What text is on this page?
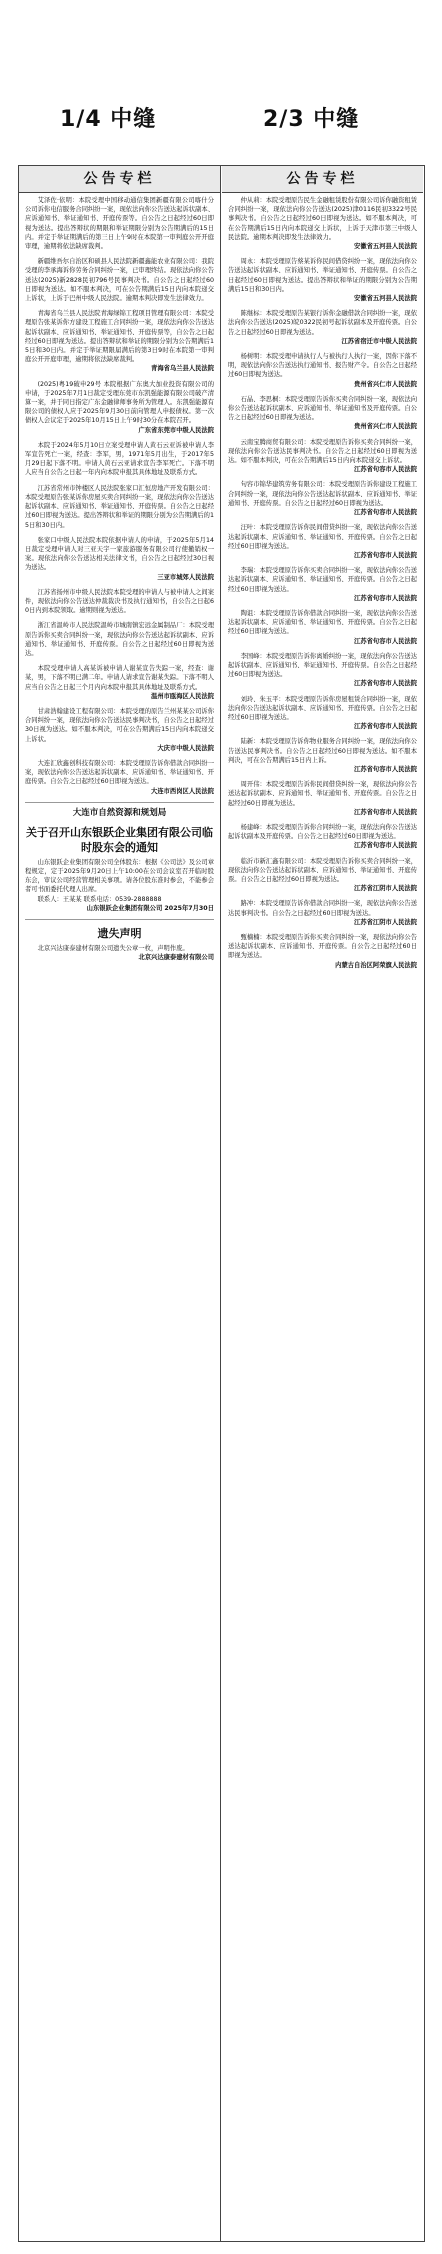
1/4 中缝	2/3 中缝
公告专栏

艾泽佐·依明：本院受理中国移动通信集团新疆有限公司喀什分公司诉你电信服务合同纠纷一案，现依法向你公告送达起诉状副本、应诉通知书、举证通知书、开庭传票等。自公告之日起经过60日即视为送达。提出答辩状的期限和举证期限分别为公告期满后的15日内。并定于举证期满后的第三日上午9时在本院第一审判庭公开开庭审理，逾期将依法缺席裁判。

新疆维吾尔自治区和硕县人民法院新疆鑫能农业有限公司：我院受理的李承海诉你劳务合同纠纷一案，已审理终结。现依法向你公告送达(2025)新2828民初796号民事判决书。自公告之日起经过60日即视为送达。如不服本判决，可在公告期满后15日内向本院递交上诉状，上诉于巴州中级人民法院。逾期本判决即发生法律效力。

青海省乌兰县人民法院青海绿锦工程项目管理有限公司：本院受理原告张某诉你方建设工程施工合同纠纷一案，现依法向你公告送达起诉状副本、应诉通知书、举证通知书、开庭传票等，自公告之日起经过60日即视为送达。提出答辩状和举证的期限分别为公告期满后15日和30日内。并定于举证期限届满后的第3日9时在本院第一审判庭公开开庭审理，逾期将依法缺席裁判。

青海省乌兰县人民法院

(2025)粤19破申29号 本院根据广东奥大加业投资有限公司的申请，于2025年7月1日裁定受理东莞市东凯强能源有限公司破产清算一案，并于同日指定广东金融律师事务所为管理人。东凯强能源有限公司的债权人应于2025年9月30日前向管理人申报债权。第一次债权人会议定于2025年10月15日上午9时30分在本院召开。

广东省东莞市中级人民法院

本院于2024年5月10日立案受理申请人黄石云亚诉被申请人李军宣告死亡一案，经查：李军，男，1971年5月出生，于2017年5月29日起下落不明。申请人黄石云亚请求宣告李军死亡。下落不明人应当自公告之日起一年内向本院申报其具体地址及联系方式。

江苏省常州市钟楼区人民法院张家口汇恒房地产开发有限公司：本院受理原告张某诉你房屋买卖合同纠纷一案，现依法向你公告送达起诉状副本、应诉通知书、举证通知书、开庭传票。自公告之日起经过60日即视为送达。提出答辩状和举证的期限分别为公告期满后的15日和30日内。

张家口中级人民法院本院依据申请人的申请，于2025年5月14日裁定受理申请人对三亚天宇一家旅游服务有限公司行使撤销权一案。现依法向你公告送达相关法律文书，自公告之日起经过30日视为送达。

三亚市城郊人民法院

江苏省扬州市中级人民法院本院受理的申请人与被申请人之间案件，现依法向你公告送达仲裁裁决书及执行通知书，自公告之日起60日内到本院领取。逾期则视为送达。

浙江省温岭市人民法院温岭市城南镇宏远金属制品厂：本院受理原告诉你买卖合同纠纷一案，现依法向你公告送达起诉状副本、应诉通知书、举证通知书、开庭传票。自公告之日起经过60日即视为送达。

本院受理申请人高某诉被申请人谢某宣告失踪一案，经查：谢某，男，下落不明已满二年。申请人请求宣告谢某失踪。下落不明人应当自公告之日起三个月内向本院申报其具体地址及联系方式。

温州市瓯海区人民法院

甘肃浩翰建设工程有限公司：本院受理的原告兰州某某公司诉你合同纠纷一案，现依法向你公告送达民事判决书，自公告之日起经过30日视为送达。如不服本判决，可在公告期满后15日内向本院递交上诉状。

大庆市中级人民法院

大连汇欣鑫创科技有限公司：本院受理原告诉你借款合同纠纷一案，现依法向你公告送达起诉状副本、应诉通知书、举证通知书、开庭传票。自公告之日起经过60日即视为送达。

大连市西岗区人民法院
大连市自然资源和规划局
关于召开山东银跃企业集团有限公司临时股东会的通知

山东银跃企业集团有限公司全体股东：根据《公司法》及公司章程规定，定于2025年9月20日上午10:00在公司会议室召开临时股东会，审议公司经营管理相关事项。请各位股东准时参会，不能参会者可书面委托代理人出席。

联系人：王某某 联系电话：0539-2888888

山东银跃企业集团有限公司 2025年7月30日
遗失声明

北京兴达康泰建材有限公司遗失公章一枚，声明作废。

北京兴达康泰建材有限公司
公告专栏

仲从莉：本院受理原告民生金融租赁股份有限公司诉你融资租赁合同纠纷一案，现依法向你公告送达(2025)津0116民初3322号民事判决书。自公告之日起经过60日即视为送达。如不服本判决，可在公告期满后15日内向本院递交上诉状，上诉于天津市第三中级人民法院。逾期本判决即发生法律效力。

安徽省五河县人民法院

周永：本院受理原告蔡某诉你民间借贷纠纷一案，现依法向你公告送达起诉状副本、应诉通知书、举证通知书、开庭传票。自公告之日起经过60日即视为送达。提出答辩状和举证的期限分别为公告期满后15日和30日内。

安徽省五河县人民法院

陈继标：本院受理原告某银行诉你金融借款合同纠纷一案，现依法向你公告送达(2025)皖0322民初号起诉状副本及开庭传票。自公告之日起经过60日即视为送达。

江苏省宿迁市中级人民法院

杨树明：本院受理申请执行人与被执行人执行一案，因你下落不明，现依法向你公告送达执行通知书、报告财产令。自公告之日起经过60日即视为送达。

贵州省兴仁市人民法院

石晶、李思桐：本院受理原告诉你买卖合同纠纷一案，现依法向你公告送达起诉状副本、应诉通知书、举证通知书及开庭传票。自公告之日起经过60日即视为送达。

贵州省兴仁市人民法院

云南宝腾商贸有限公司：本院受理原告诉你买卖合同纠纷一案，现依法向你公告送达民事判决书。自公告之日起经过60日即视为送达。如不服本判决，可在公告期满后15日内向本院递交上诉状。

江苏省句容市人民法院

句容市锦华建筑劳务有限公司：本院受理原告诉你建设工程施工合同纠纷一案，现依法向你公告送达起诉状副本、应诉通知书、举证通知书、开庭传票。自公告之日起经过60日即视为送达。

江苏省句容市人民法院

汪叶：本院受理原告诉你民间借贷纠纷一案，现依法向你公告送达起诉状副本、应诉通知书、举证通知书、开庭传票。自公告之日起经过60日即视为送达。

江苏省句容市人民法院

李瑞：本院受理原告诉你买卖合同纠纷一案，现依法向你公告送达起诉状副本、应诉通知书、举证通知书、开庭传票。自公告之日起经过60日即视为送达。

江苏省句容市人民法院

陶诅：本院受理原告诉你借款合同纠纷一案，现依法向你公告送达起诉状副本、应诉通知书、举证通知书、开庭传票。自公告之日起经过60日即视为送达。

江苏省句容市人民法院

李国峰：本院受理原告诉你离婚纠纷一案，现依法向你公告送达起诉状副本、应诉通知书、举证通知书、开庭传票。自公告之日起经过60日即视为送达。

江苏省句容市人民法院

刘玲、朱玉平：本院受理原告诉你房屋租赁合同纠纷一案，现依法向你公告送达起诉状副本、应诉通知书、开庭传票。自公告之日起经过60日即视为送达。

江苏省句容市人民法院

陆新：本院受理原告诉你物业服务合同纠纷一案，现依法向你公告送达民事判决书。自公告之日起经过60日即视为送达。如不服本判决，可在公告期满后15日内上诉。

江苏省句容市人民法院

周开伟：本院受理原告诉你民间借贷纠纷一案，现依法向你公告送达起诉状副本、应诉通知书、举证通知书、开庭传票。自公告之日起经过60日即视为送达。

江苏省句容市人民法院

杨建峰：本院受理原告诉你合同纠纷一案，现依法向你公告送达起诉状副本及开庭传票。自公告之日起经过60日即视为送达。

江苏省句容市人民法院

临沂市新汇鑫有限公司：本院受理原告诉你买卖合同纠纷一案，现依法向你公告送达起诉状副本、应诉通知书、举证通知书、开庭传票。自公告之日起经过60日即视为送达。

江苏省江阴市人民法院

路冲：本院受理原告诉你借款合同纠纷一案，现依法向你公告送达民事判决书。自公告之日起经过60日即视为送达。

江苏省江阴市人民法院

甄楠楠：本院受理原告诉你买卖合同纠纷一案，现依法向你公告送达起诉状副本、应诉通知书、开庭传票。自公告之日起经过60日即视为送达。

内蒙古自治区阿荣旗人民法院
